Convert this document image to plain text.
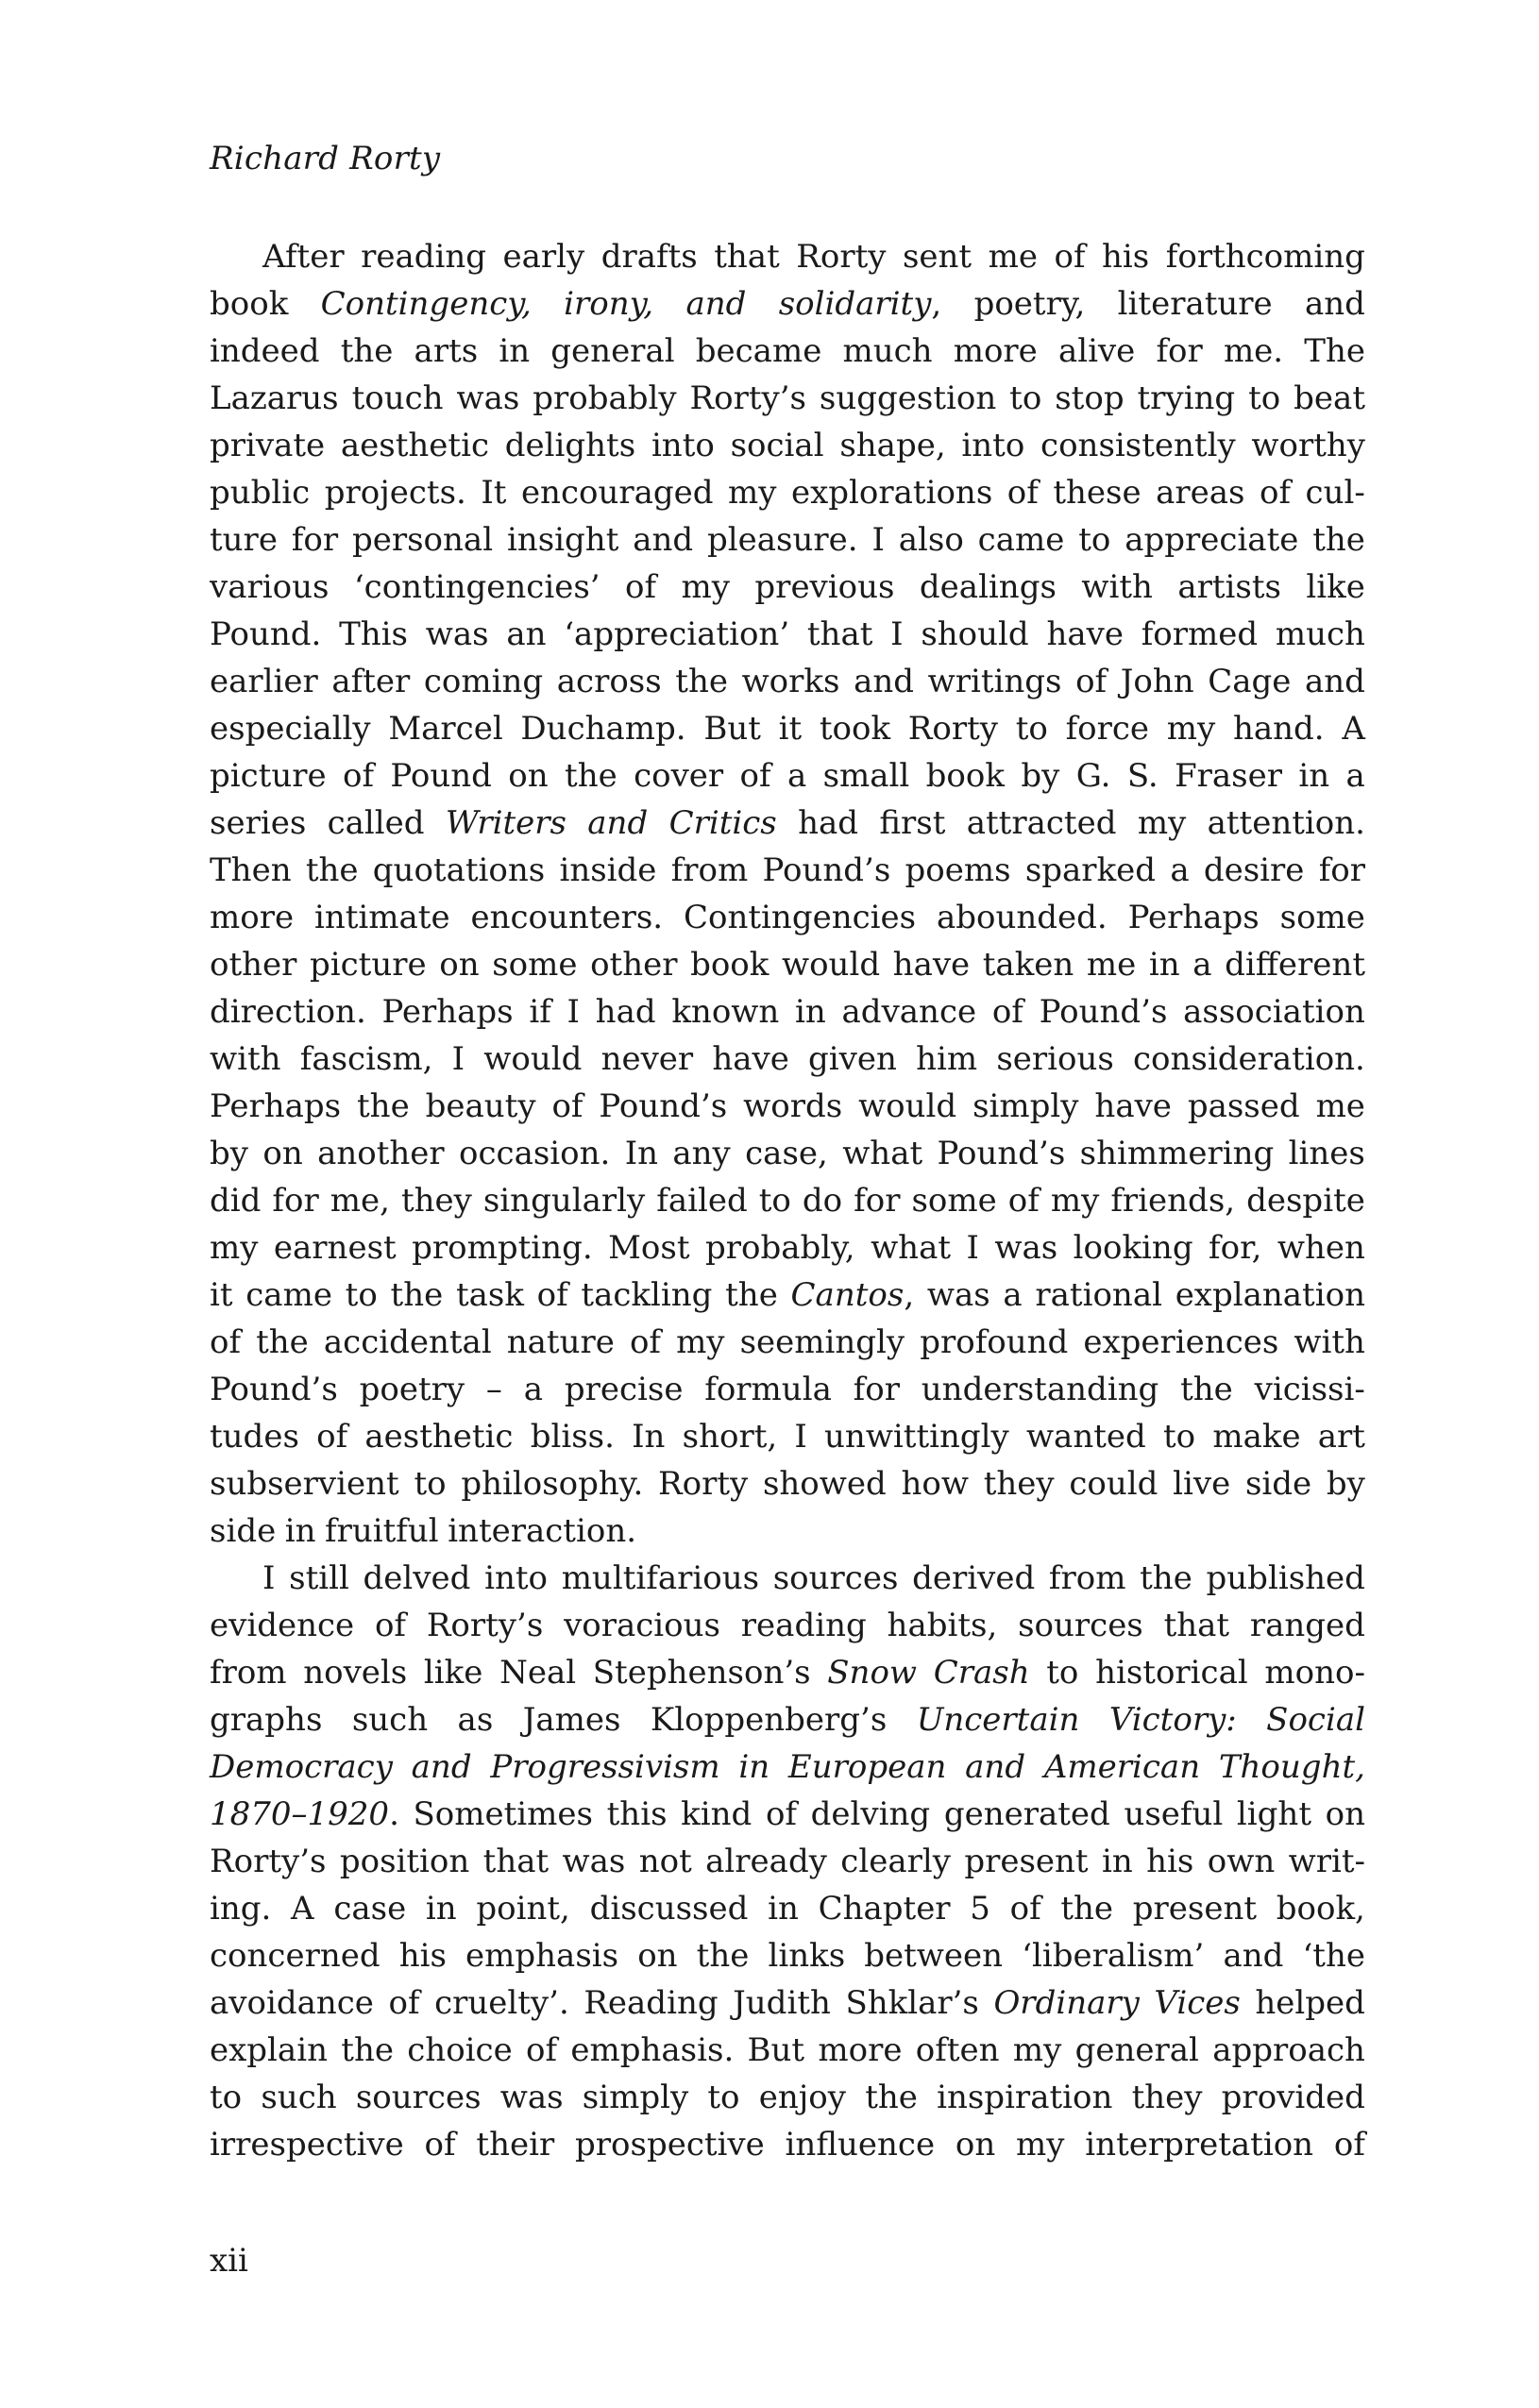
Richard Rorty
After reading early drafts that Rorty sent me of his forthcoming
book Contingency, irony, and solidarity, poetry, literature and
indeed the arts in general became much more alive for me. The
Lazarus touch was probably Rorty’s suggestion to stop trying to beat
private aesthetic delights into social shape, into consistently worthy
public projects. It encouraged my explorations of these areas of cul-
ture for personal insight and pleasure. I also came to appreciate the
various ‘contingencies’ of my previous dealings with artists like
Pound. This was an ‘appreciation’ that I should have formed much
earlier after coming across the works and writings of John Cage and
especially Marcel Duchamp. But it took Rorty to force my hand. A
picture of Pound on the cover of a small book by G. S. Fraser in a
series called Writers and Critics had first attracted my attention.
Then the quotations inside from Pound’s poems sparked a desire for
more intimate encounters. Contingencies abounded. Perhaps some
other picture on some other book would have taken me in a different
direction. Perhaps if I had known in advance of Pound’s association
with fascism, I would never have given him serious consideration.
Perhaps the beauty of Pound’s words would simply have passed me
by on another occasion. In any case, what Pound’s shimmering lines
did for me, they singularly failed to do for some of my friends, despite
my earnest prompting. Most probably, what I was looking for, when
it came to the task of tackling the Cantos, was a rational explanation
of the accidental nature of my seemingly profound experiences with
Pound’s poetry – a precise formula for understanding the vicissi-
tudes of aesthetic bliss. In short, I unwittingly wanted to make art
subservient to philosophy. Rorty showed how they could live side by
side in fruitful interaction.
I still delved into multifarious sources derived from the published
evidence of Rorty’s voracious reading habits, sources that ranged
from novels like Neal Stephenson’s Snow Crash to historical mono-
graphs such as James Kloppenberg’s Uncertain Victory: Social
Democracy and Progressivism in European and American Thought,
1870–1920. Sometimes this kind of delving generated useful light on
Rorty’s position that was not already clearly present in his own writ-
ing. A case in point, discussed in Chapter 5 of the present book,
concerned his emphasis on the links between ‘liberalism’ and ‘the
avoidance of cruelty’. Reading Judith Shklar’s Ordinary Vices helped
explain the choice of emphasis. But more often my general approach
to such sources was simply to enjoy the inspiration they provided
irrespective of their prospective influence on my interpretation of
xii
